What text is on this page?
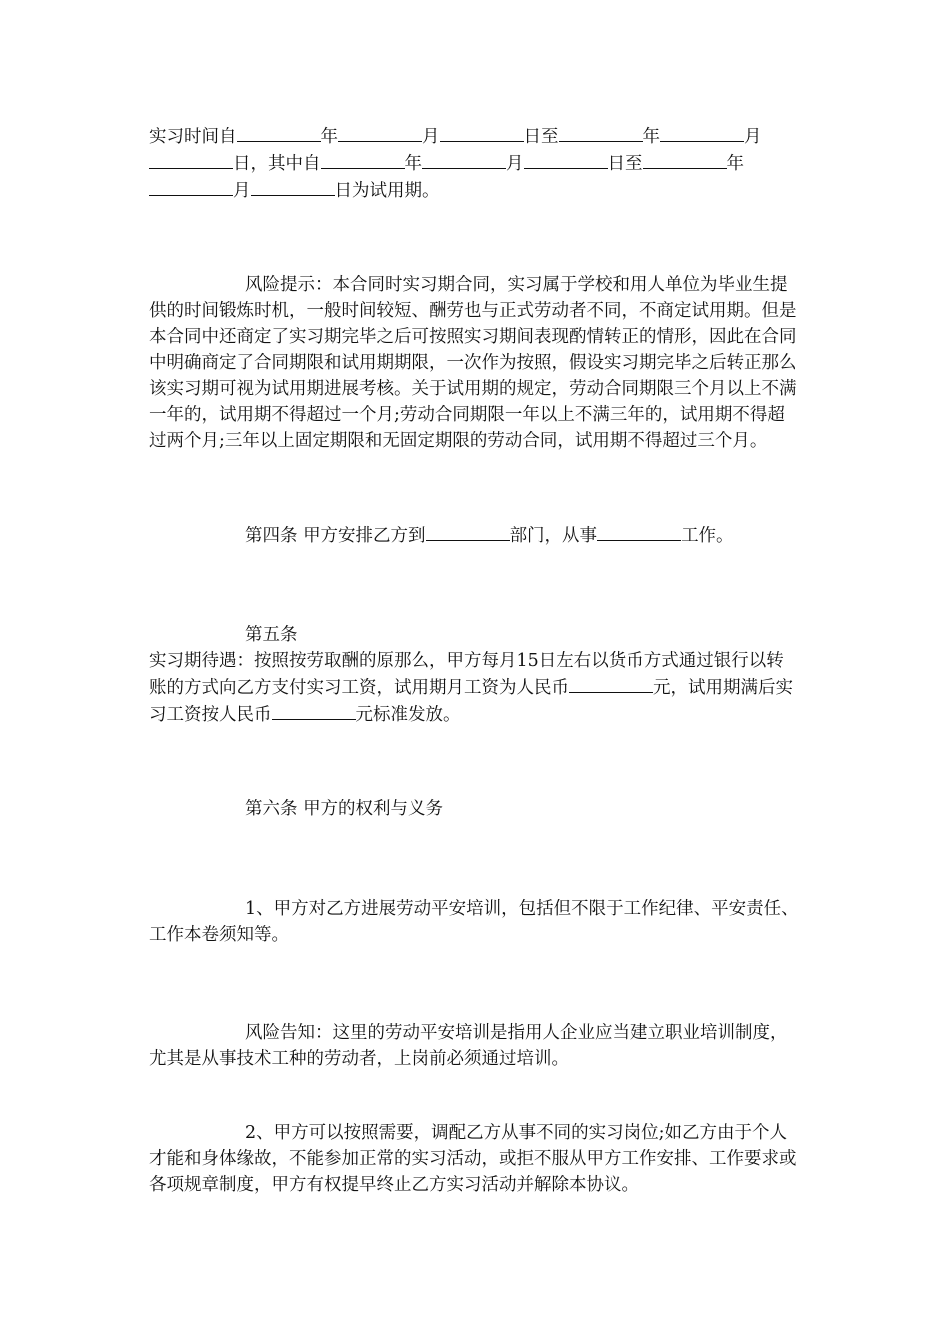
实习时间自	年	月	日至	年	月

日，其中自	年	月	日至	年

月	日为试用期。

风险提示：本合同时实习期合同，实习属于学校和用人单位为毕业生提供的时间锻炼时机，一般时间较短、酬劳也与正式劳动者不同，不商定试用期。但是本合同中还商定了实习期完毕之后可按照实习期间表现酌情转正的情形，因此在合同中明确商定了合同期限和试用期期限，一次作为按照，假设实习期完毕之后转正那么该实习期可视为试用期进展考核。关于试用期的规定，劳动合同期限三个月以上不满一年的，试用期不得超过一个月;劳动合同期限一年以上不满三年的，试用期不得超过两个月;三年以上固定期限和无固定期限的劳动合同，试用期不得超过三个月。

第四条 甲方安排乙方到	部门，从事	工作。

第五条

实习期待遇：按照按劳取酬的原那么，甲方每月15日左右以货币方式通过银行以转账的方式向乙方支付实习工资，试用期月工资为人民币	元，试用期满后实习工资按人民币	元标准发放。

第六条 甲方的权利与义务

1、甲方对乙方进展劳动平安培训，包括但不限于工作纪律、平安责任、工作本卷须知等。

风险告知：这里的劳动平安培训是指用人企业应当建立职业培训制度，尤其是从事技术工种的劳动者，上岗前必须通过培训。

2、甲方可以按照需要，调配乙方从事不同的实习岗位;如乙方由于个人才能和身体缘故，不能参加正常的实习活动，或拒不服从甲方工作安排、工作要求或各项规章制度，甲方有权提早终止乙方实习活动并解除本协议。
